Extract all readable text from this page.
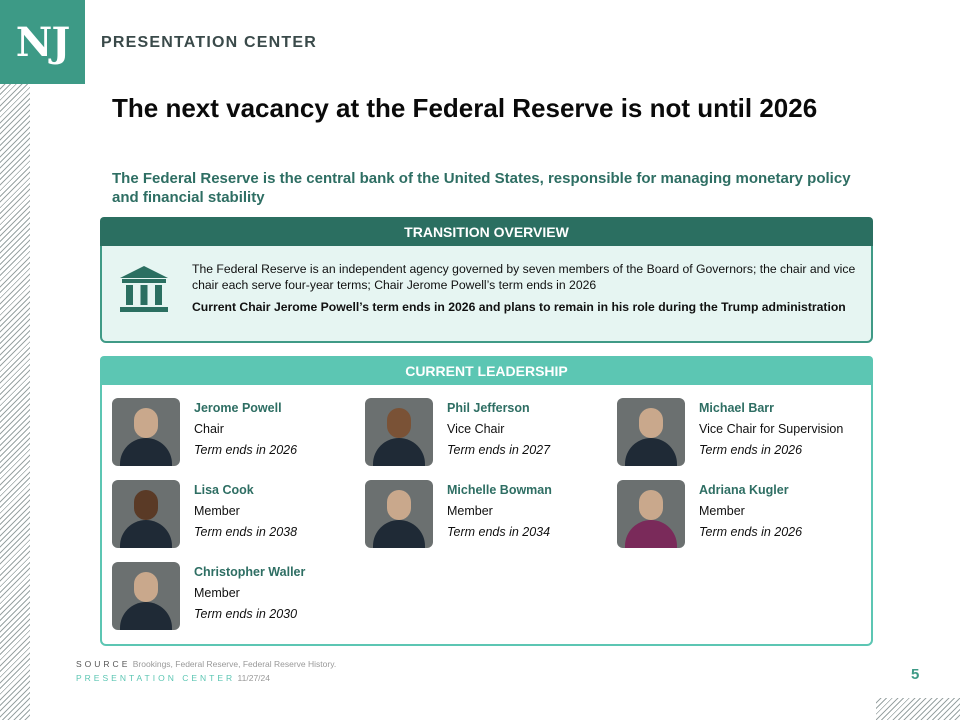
NJ PRESENTATION CENTER
The next vacancy at the Federal Reserve is not until 2026

The Federal Reserve is the central bank of the United States, responsible for managing monetary policy and financial stability

TRANSITION OVERVIEW

The Federal Reserve is an independent agency governed by seven members of the Board of Governors; the chair and vice chair each serve four-year terms; Chair Jerome Powell’s term ends in 2026

Current Chair Jerome Powell’s term ends in 2026 and plans to remain in his role during the Trump administration

CURRENT LEADERSHIP
Jerome Powell
Chair
Term ends in 2026
Phil Jefferson
Vice Chair
Term ends in 2027
Michael Barr
Vice Chair for Supervision
Term ends in 2026
Lisa Cook
Member
Term ends in 2038
Michelle Bowman
Member
Term ends in 2034
Adriana Kugler
Member
Term ends in 2026
Christopher Waller
Member
Term ends in 2030
SOURCE Brookings, Federal Reserve, Federal Reserve History.
PRESENTATION CENTER 11/27/24	5
